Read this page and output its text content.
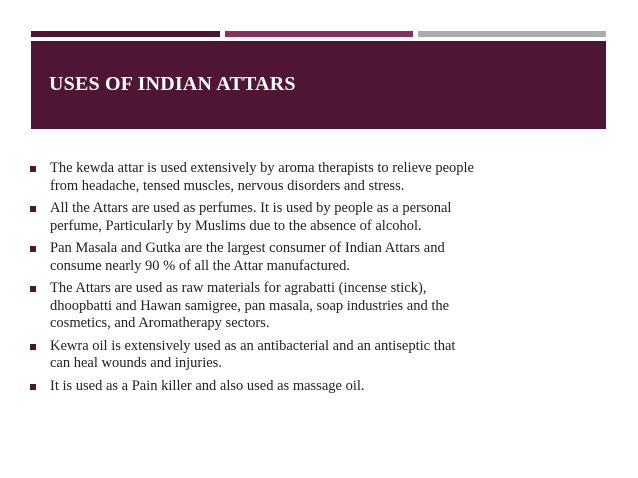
USES OF INDIAN ATTARS
The kewda attar is used extensively by aroma therapists to relieve people
from headache, tensed muscles, nervous disorders and stress.
All the Attars are used as perfumes. It is used by people as a personal
perfume, Particularly by Muslims due to the absence of alcohol.
Pan Masala and Gutka are the largest consumer of Indian Attars and
consume nearly 90 % of all the Attar manufactured.
The Attars are used as raw materials for agrabatti (incense stick),
dhoopbatti and Hawan samigree, pan masala, soap industries and the
cosmetics, and Aromatherapy sectors.
Kewra oil is extensively used as an antibacterial and an antiseptic that
can heal wounds and injuries.
It is used as a Pain killer and also used as massage oil.
